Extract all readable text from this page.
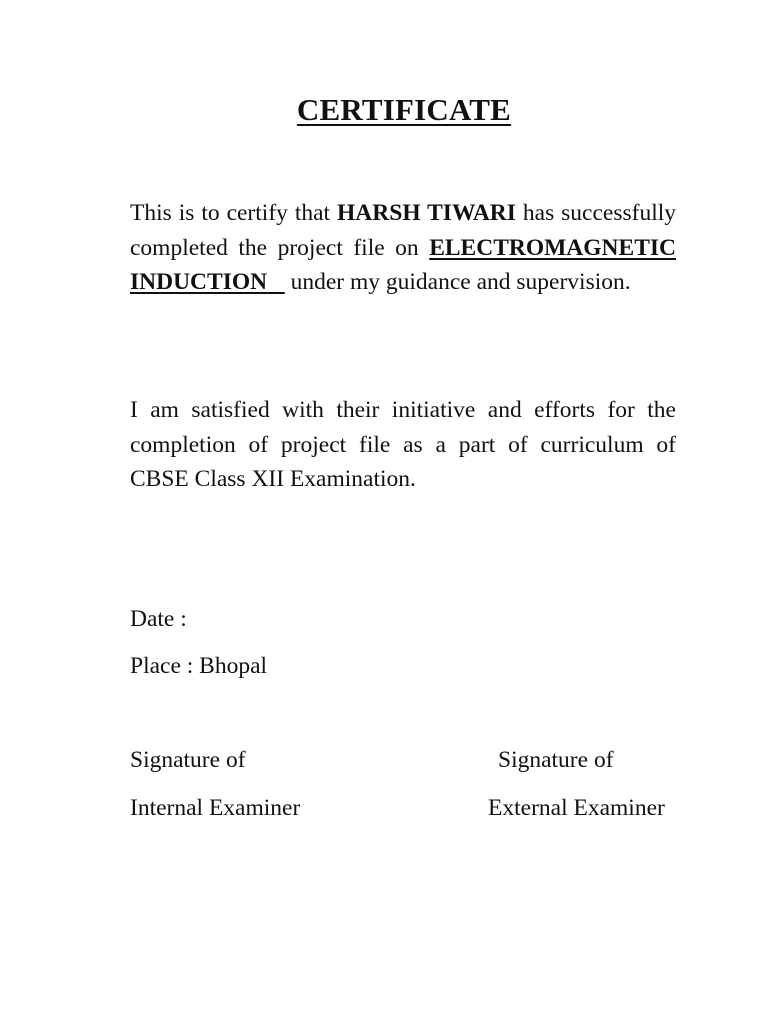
CERTIFICATE
This is to certify that HARSH TIWARI has successfully completed the project file on ELECTROMAGNETIC INDUCTION    under my guidance and supervision.
I am satisfied with their initiative and efforts for the completion of project file as a part of curriculum of CBSE Class XII Examination.
Date :
Place : Bhopal
Signature of
Internal Examiner
Signature of
External Examiner
